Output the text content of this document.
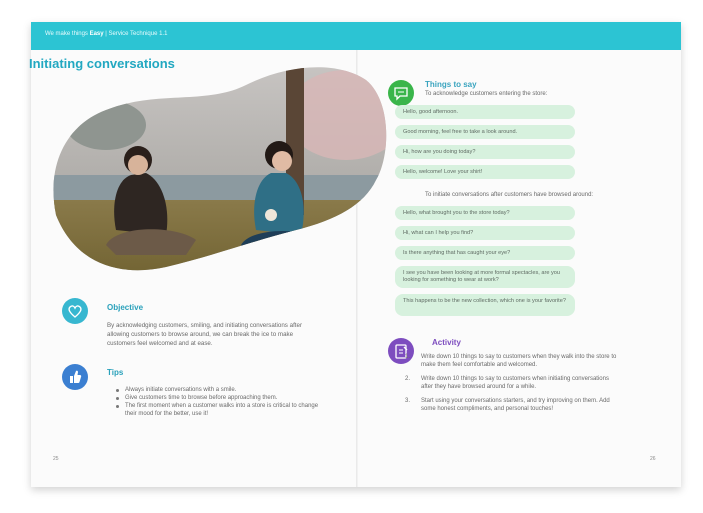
We make things Easy | Service Technique 1.1
Initiating conversations
Objective
By acknowledging customers, smiling, and initiating conversations after allowing customers to browse around, we can break the ice to make customers feel welcomed and at ease.
Tips
Always initiate conversations with a smile.
Give customers time to browse before approaching them.
The first moment when a customer walks into a store is critical to change their mood for the better, use it!
25
Things to say
To acknowledge customers entering the store:
Hello, good afternoon.
Good morning, feel free to take a look around.
Hi, how are you doing today?
Hello, welcome! Love your shirt!
To initiate conversations after customers have browsed around:
Hello, what brought you to the store today?
Hi, what can I help you find?
Is there anything that has caught your eye?
I see you have been looking at more formal spectacles, are you looking for something to wear at work?
This happens to be the new collection, which one is your favorite?
Activity
1. Write down 10 things to say to customers when they walk into the store to make them feel comfortable and welcomed.
2. Write down 10 things to say to customers when initiating conversations after they have browsed around for a while.
3. Start using your conversations starters, and try improving on them. Add some honest compliments, and personal touches!
26
